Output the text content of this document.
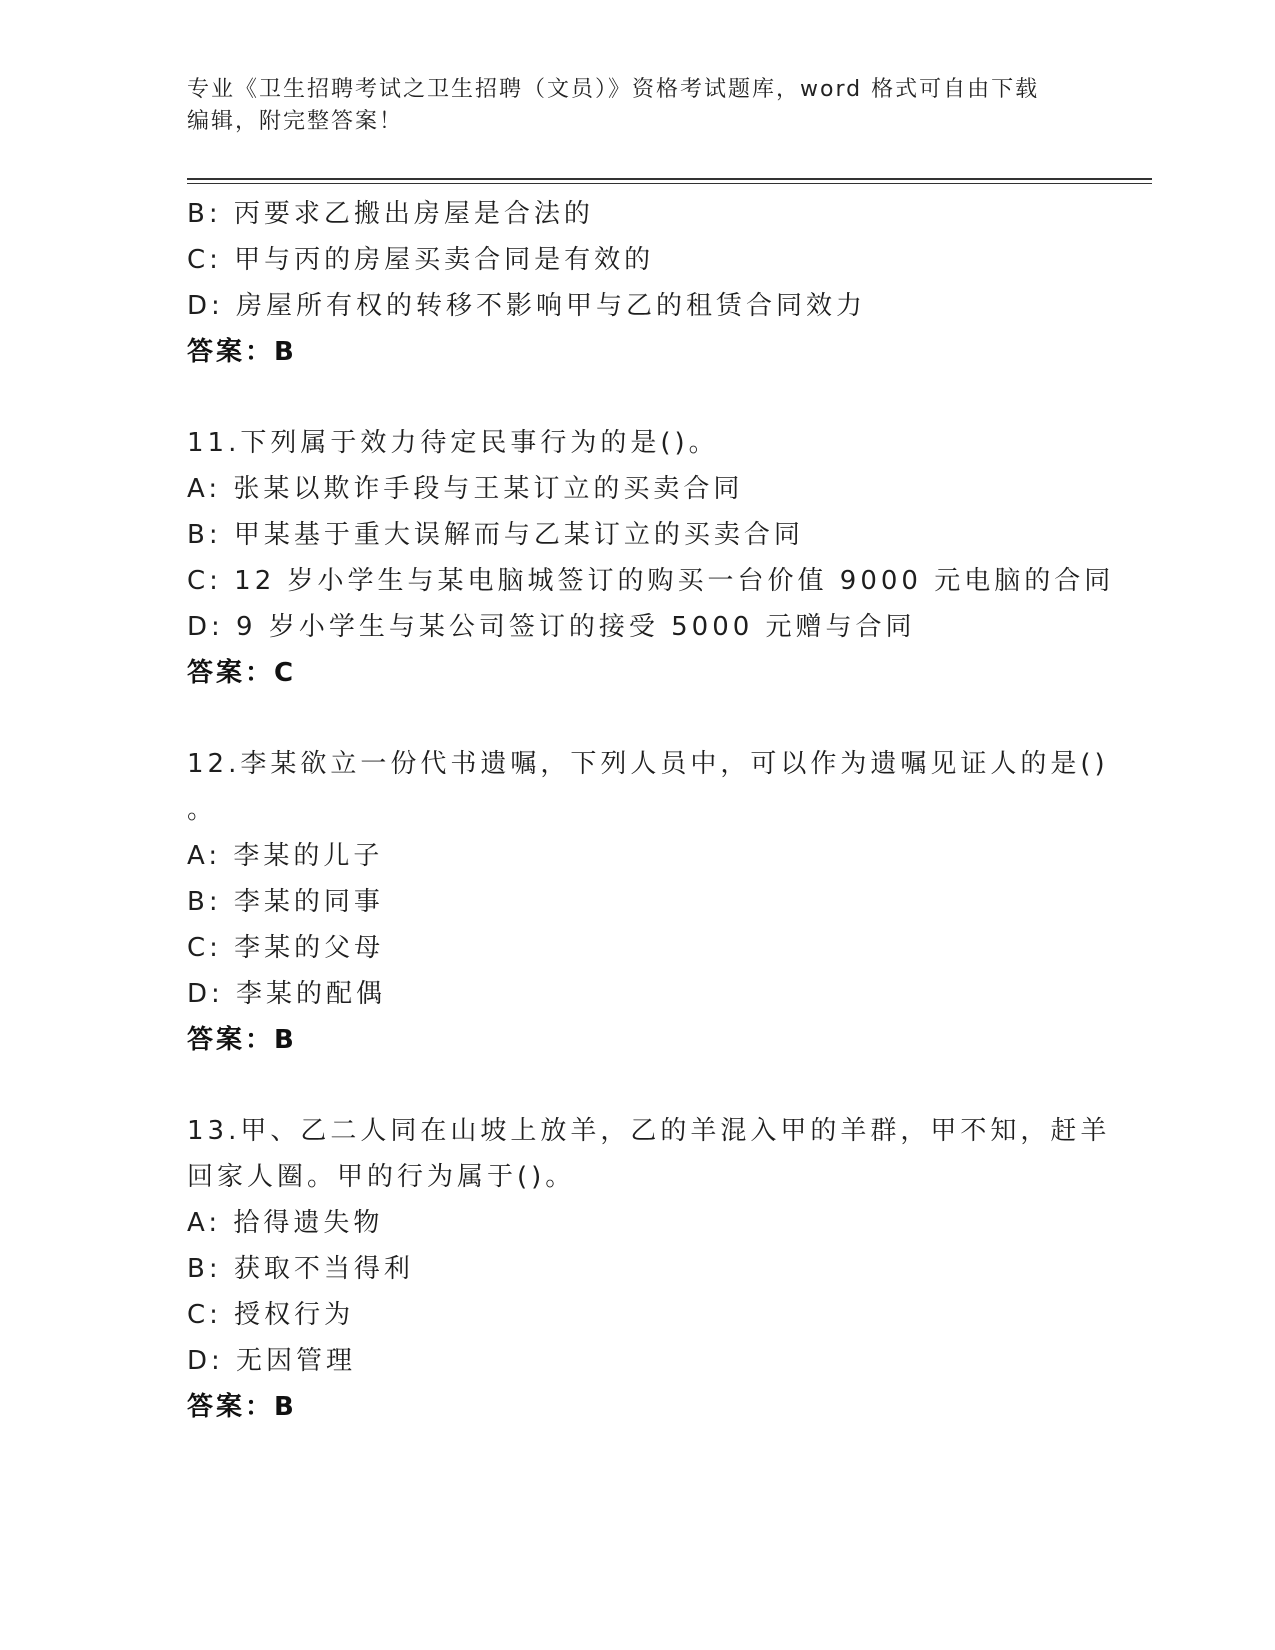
专业《卫生招聘考试之卫生招聘（文员）》资格考试题库，word 格式可自由下载
编辑，附完整答案！
B: 丙要求乙搬出房屋是合法的
C: 甲与丙的房屋买卖合同是有效的
D: 房屋所有权的转移不影响甲与乙的租赁合同效力
答案：B
11.下列属于效力待定民事行为的是()。
A: 张某以欺诈手段与王某订立的买卖合同
B: 甲某基于重大误解而与乙某订立的买卖合同
C: 12 岁小学生与某电脑城签订的购买一台价值 9000 元电脑的合同
D: 9 岁小学生与某公司签订的接受 5000 元赠与合同
答案：C
12.李某欲立一份代书遗嘱，下列人员中，可以作为遗嘱见证人的是()
。
A: 李某的儿子
B: 李某的同事
C: 李某的父母
D: 李某的配偶
答案：B
13.甲、乙二人同在山坡上放羊，乙的羊混入甲的羊群，甲不知，赶羊
回家人圈。甲的行为属于()。
A: 拾得遗失物
B: 获取不当得利
C: 授权行为
D: 无因管理
答案：B
